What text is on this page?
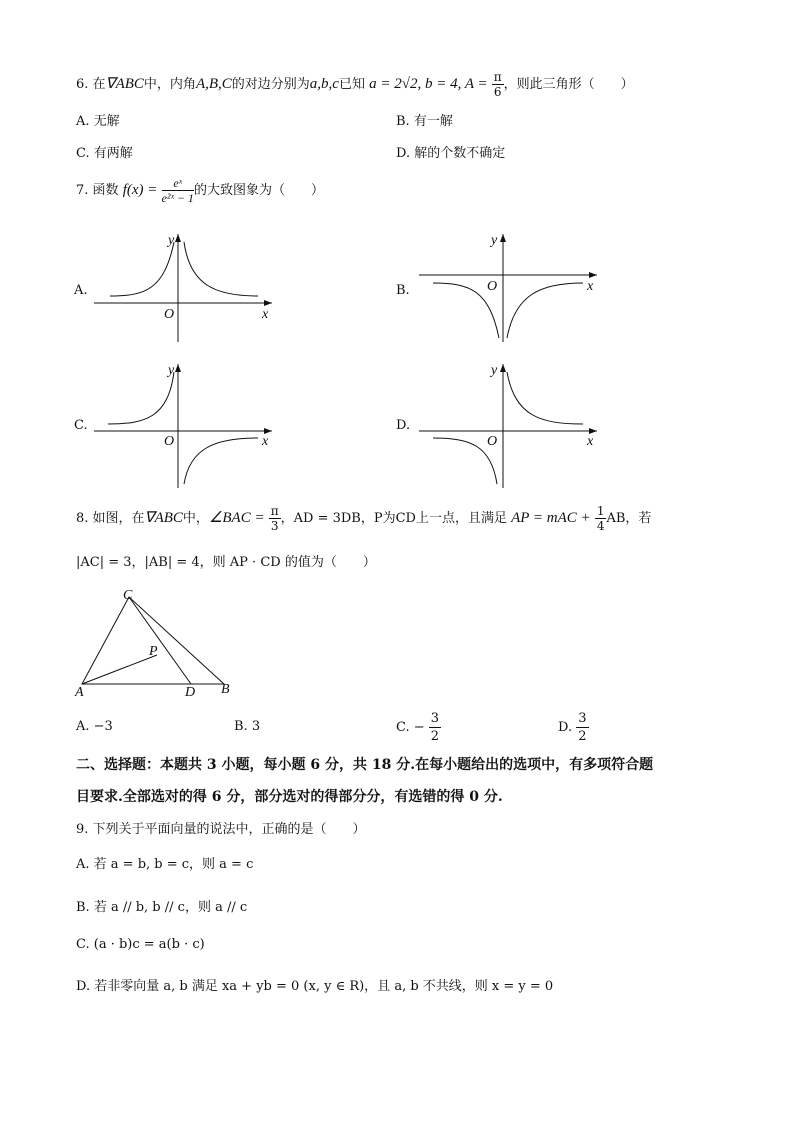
6. 在∇ABC中，内角A,B,C的对边分别为a,b,c已知 a = 2√2, b = 4, $A = \frac{\pi}{6}$ ，则此三角形（　　）
A. 无解	B. 有一解
C. 有两解	D. 解的个数不确定
7. 函数 $f(x) = \frac{\text{eˣ}}{\text{e²ˣ − 1}}$ 的大致图象为（　　）
A.
y
x
O
B.
y
x
O
C.
y
x
O
D.
y
x
O
8. 如图，在∇ABC中，∠BAC = $\frac{\pi}{3}$ ，AD = 3DB，P为CD上一点，且满足 AP = mAC + $\frac{1}{4}$ AB，若
|AC| = 3，|AB| = 4，则 AP · CD 的值为（　　）
C
P
A	D B
A. −3	B. 3	C. − $\frac{3}{2}$	D. $\frac{3}{2}$
二、选择题：本题共 3 小题，每小题 6 分，共 18 分.在每小题给出的选项中，有多项符合题
目要求.全部选对的得 6 分，部分选对的得部分分，有选错的得 0 分.
9. 下列关于平面向量的说法中，正确的是（　　）
A. 若 a = b, b = c，则 a = c
B. 若 a // b, b // c，则 a // c
C. (a · b)c = a(b · c)
D. 若非零向量 a, b 满足 xa + yb = 0 (x, y ∈ R)，且 a, b 不共线，则 x = y = 0
